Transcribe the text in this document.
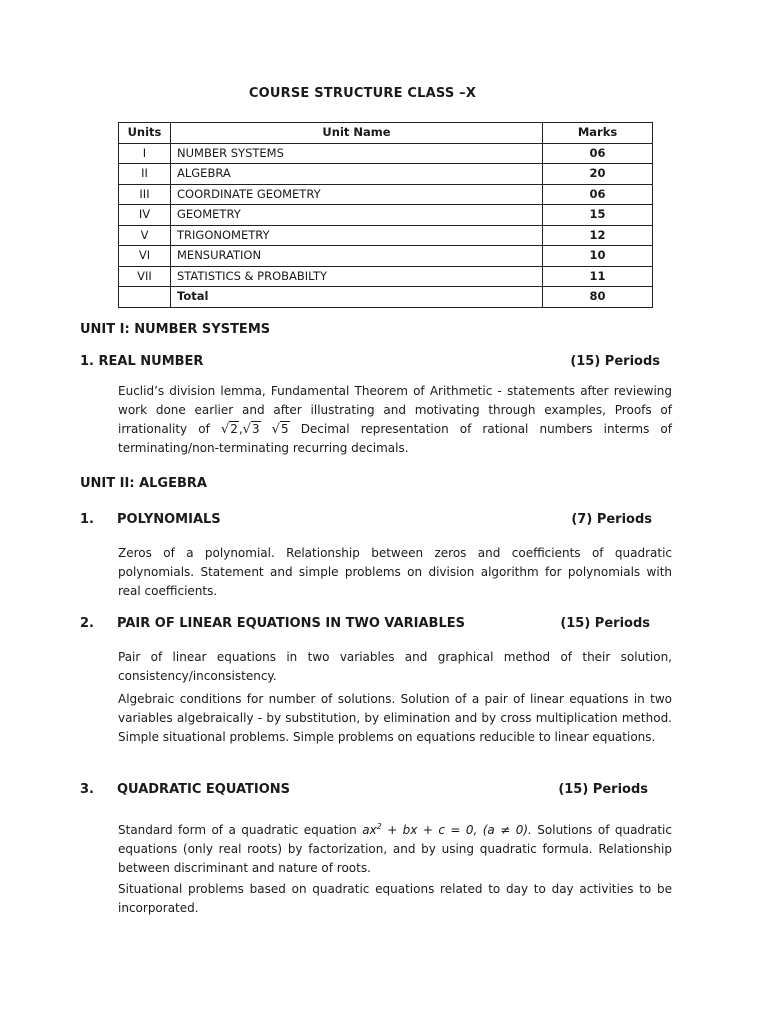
COURSE STRUCTURE CLASS –X
Units	Unit Name	Marks
I	NUMBER SYSTEMS	06
II	ALGEBRA	20
III	COORDINATE GEOMETRY	06
IV	GEOMETRY	15
V	TRIGONOMETRY	12
VI	MENSURATION	10
VII	STATISTICS & PROBABILTY	11
	Total	80
UNIT I: NUMBER SYSTEMS
1. REAL NUMBER	(15) Periods
Euclid’s division lemma, Fundamental Theorem of Arithmetic - statements after reviewing work done earlier and after illustrating and motivating through examples, Proofs of irrationality of √2,√3 √5 Decimal representation of rational numbers interms of terminating/non-terminating recurring decimals.
UNIT II: ALGEBRA
1. POLYNOMIALS	(7) Periods
Zeros of a polynomial. Relationship between zeros and coefficients of quadratic polynomials. Statement and simple problems on division algorithm for polynomials with real coefficients.
2. PAIR OF LINEAR EQUATIONS IN TWO VARIABLES	(15) Periods
Pair of linear equations in two variables and graphical method of their solution, consistency/inconsistency.
Algebraic conditions for number of solutions. Solution of a pair of linear equations in two variables algebraically - by substitution, by elimination and by cross multiplication method. Simple situational problems. Simple problems on equations reducible to linear equations.
3. QUADRATIC EQUATIONS	(15) Periods
Standard form of a quadratic equation $ax^2$ + bx + c = 0, (a ≠ 0). Solutions of quadratic equations (only real roots) by factorization, and by using quadratic formula. Relationship between discriminant and nature of roots.
Situational problems based on quadratic equations related to day to day activities to be incorporated.
